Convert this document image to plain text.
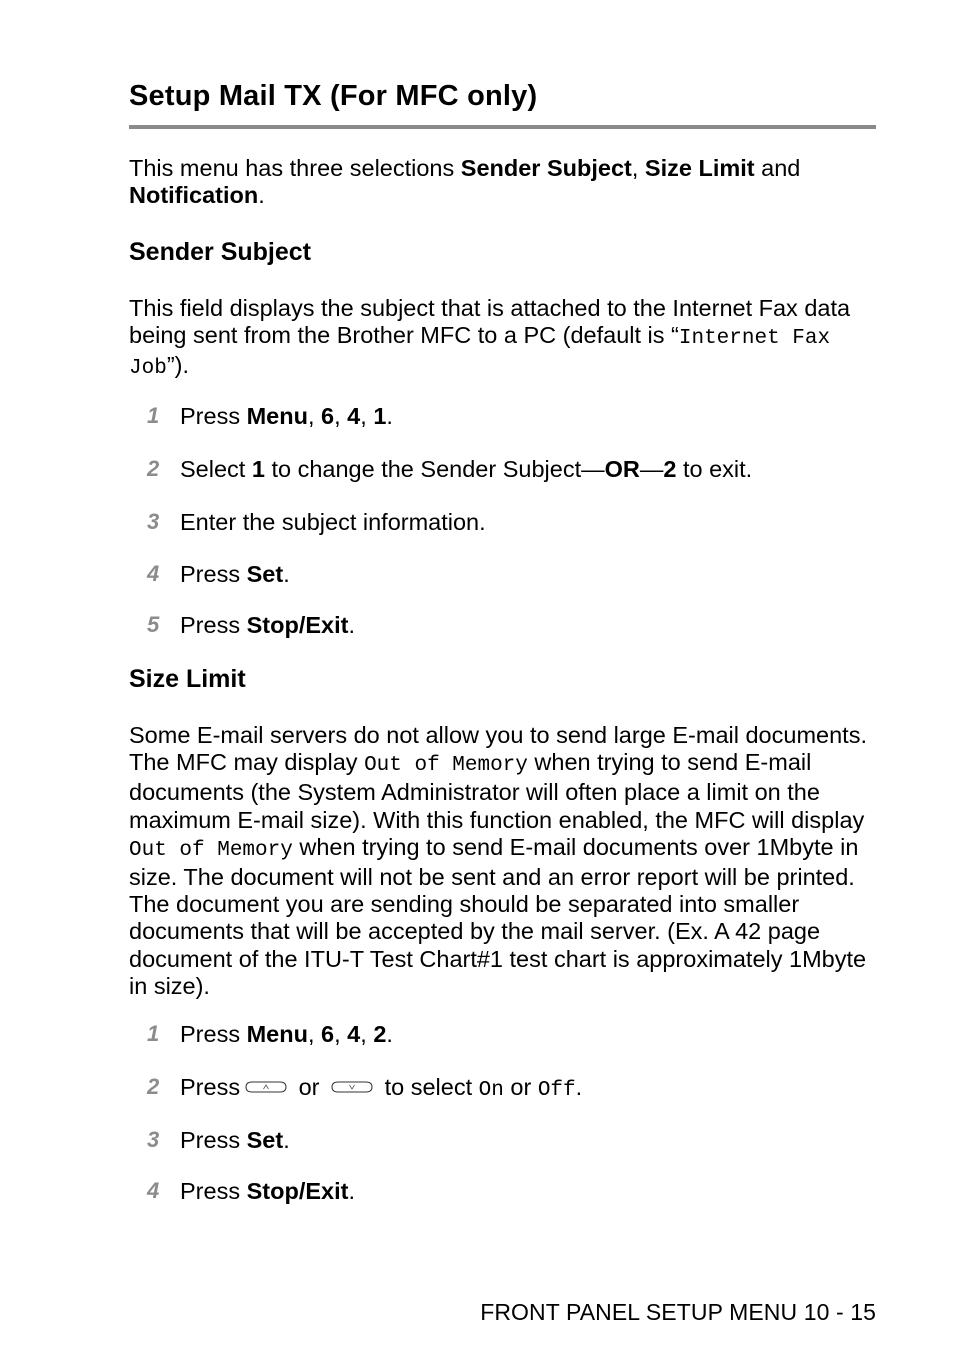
Setup Mail TX (For MFC only)

This menu has three selections Sender Subject, Size Limit and Notification.

Sender Subject

This field displays the subject that is attached to the Internet Fax data being sent from the Brother MFC to a PC (default is “Internet Fax Job”).

1 Press Menu, 6, 4, 1.
2 Select 1 to change the Sender Subject—OR—2 to exit.
3 Enter the subject information.
4 Press Set.
5 Press Stop/Exit.
Size Limit

Some E-mail servers do not allow you to send large E-mail documents. The MFC may display Out of Memory when trying to send E-mail documents (the System Administrator will often place a limit on the maximum E-mail size). With this function enabled, the MFC will display Out of Memory when trying to send E-mail documents over 1Mbyte in size. The document will not be sent and an error report will be printed. The document you are sending should be separated into smaller documents that will be accepted by the mail server. (Ex. A 42 page document of the ITU-T Test Chart#1 test chart is approximately 1Mbyte in size).

1 Press Menu, 6, 4, 2.
2 Press or  to select On or Off.
3 Press Set.
4 Press Stop/Exit.
FRONT PANEL SETUP MENU 10 - 15
